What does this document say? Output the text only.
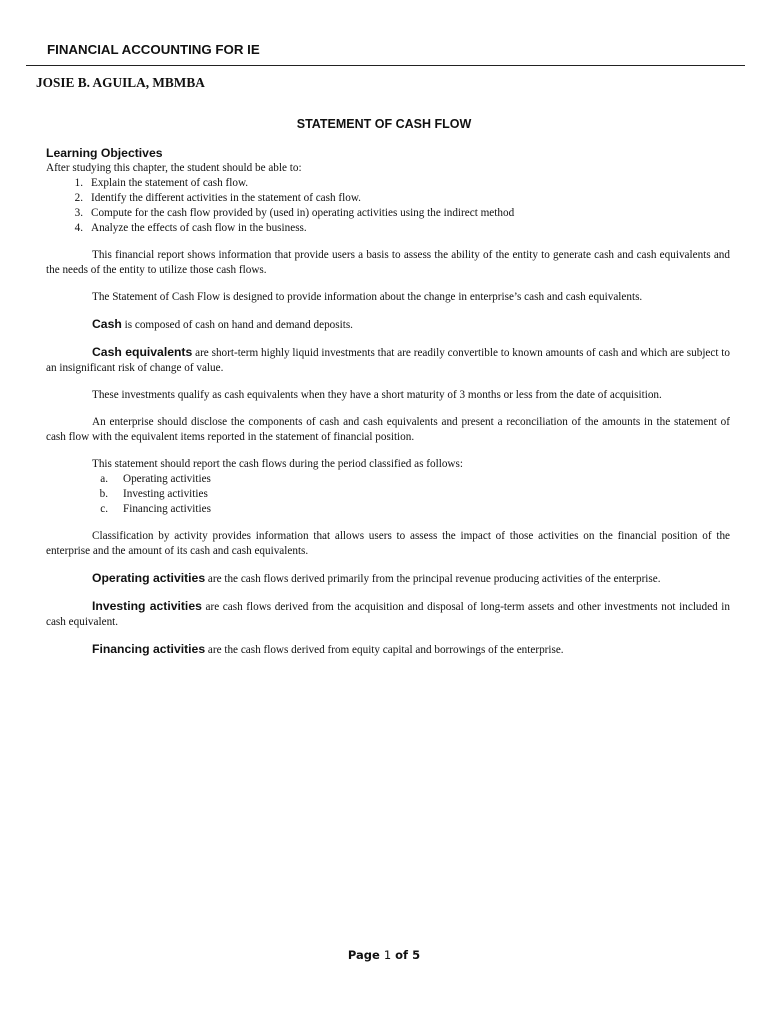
FINANCIAL ACCOUNTING FOR IE
JOSIE B. AGUILA, MBMBA
STATEMENT OF CASH FLOW

Learning Objectives

After studying this chapter, the student should be able to:

1. Explain the statement of cash flow.
2. Identify the different activities in the statement of cash flow.
3. Compute for the cash flow provided by (used in) operating activities using the indirect method
4. Analyze the effects of cash flow in the business.

This financial report shows information that provide users a basis to assess the ability of the entity to generate cash and cash equivalents and the needs of the entity to utilize those cash flows.

The Statement of Cash Flow is designed to provide information about the change in enterprise’s cash and cash equivalents.

Cash is composed of cash on hand and demand deposits.

Cash equivalents are short-term highly liquid investments that are readily convertible to known amounts of cash and which are subject to an insignificant risk of change of value.

These investments qualify as cash equivalents when they have a short maturity of 3 months or less from the date of acquisition.

An enterprise should disclose the components of cash and cash equivalents and present a reconciliation of the amounts in the statement of cash flow with the equivalent items reported in the statement of financial position.

This statement should report the cash flows during the period classified as follows:

a.	Operating activities
b.	Investing activities
c.	Financing activities

Classification by activity provides information that allows users to assess the impact of those activities on the financial position of the enterprise and the amount of its cash and cash equivalents.

Operating activities are the cash flows derived primarily from the principal revenue producing activities of the enterprise.

Investing activities are cash flows derived from the acquisition and disposal of long-term assets and other investments not included in cash equivalent.

Financing activities are the cash flows derived from equity capital and borrowings of the enterprise.

Page 1 of 5
